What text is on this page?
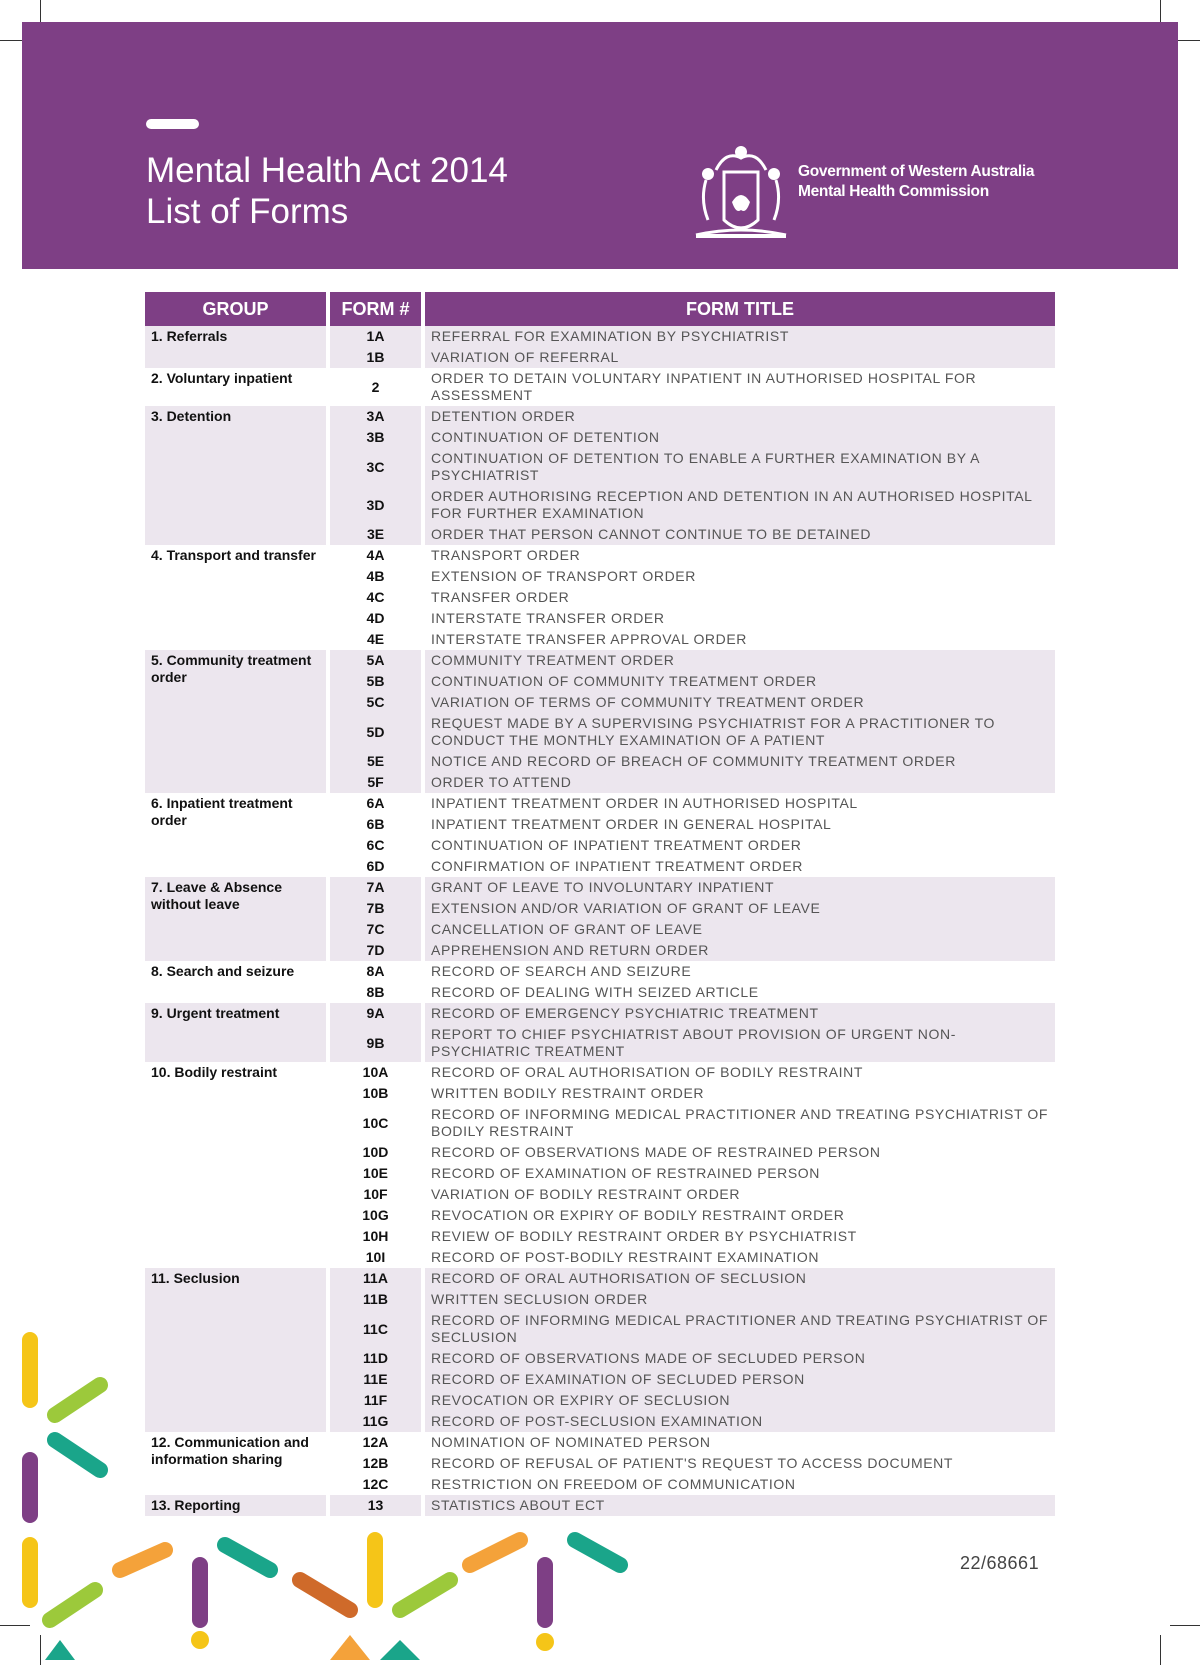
Mental Health Act 2014
List of Forms
Government of Western Australia
Mental Health Commission
GROUP	FORM #	FORM TITLE
1. Referrals	1A	REFERRAL FOR EXAMINATION BY PSYCHIATRIST
	1B	VARIATION OF REFERRAL
2. Voluntary inpatient	2	ORDER TO DETAIN VOLUNTARY INPATIENT IN AUTHORISED HOSPITAL FOR ASSESSMENT
3. Detention	3A	DETENTION ORDER
	3B	CONTINUATION OF DETENTION
	3C	CONTINUATION OF DETENTION TO ENABLE A FURTHER EXAMINATION BY A PSYCHIATRIST
	3D	ORDER AUTHORISING RECEPTION AND DETENTION IN AN AUTHORISED HOSPITAL FOR FURTHER EXAMINATION
	3E	ORDER THAT PERSON CANNOT CONTINUE TO BE DETAINED
4. Transport and transfer	4A	TRANSPORT ORDER
	4B	EXTENSION OF TRANSPORT ORDER
	4C	TRANSFER ORDER
	4D	INTERSTATE TRANSFER ORDER
	4E	INTERSTATE TRANSFER APPROVAL ORDER
5. Community treatment order	5A	COMMUNITY TREATMENT ORDER
	5B	CONTINUATION OF COMMUNITY TREATMENT ORDER
	5C	VARIATION OF TERMS OF COMMUNITY TREATMENT ORDER
	5D	REQUEST MADE BY A SUPERVISING PSYCHIATRIST FOR A PRACTITIONER TO CONDUCT THE MONTHLY EXAMINATION OF A PATIENT
	5E	NOTICE AND RECORD OF BREACH OF COMMUNITY TREATMENT ORDER
	5F	ORDER TO ATTEND
6. Inpatient treatment order	6A	INPATIENT TREATMENT ORDER IN AUTHORISED HOSPITAL
	6B	INPATIENT TREATMENT ORDER IN GENERAL HOSPITAL
	6C	CONTINUATION OF INPATIENT TREATMENT ORDER
	6D	CONFIRMATION OF INPATIENT TREATMENT ORDER
7. Leave & Absence without leave	7A	GRANT OF LEAVE TO INVOLUNTARY INPATIENT
	7B	EXTENSION AND/OR VARIATION OF GRANT OF LEAVE
	7C	CANCELLATION OF GRANT OF LEAVE
	7D	APPREHENSION AND RETURN ORDER
8. Search and seizure	8A	RECORD OF SEARCH AND SEIZURE
	8B	RECORD OF DEALING WITH SEIZED ARTICLE
9. Urgent treatment	9A	RECORD OF EMERGENCY PSYCHIATRIC TREATMENT
	9B	REPORT TO CHIEF PSYCHIATRIST ABOUT PROVISION OF URGENT NON-PSYCHIATRIC TREATMENT
10. Bodily restraint	10A	RECORD OF ORAL AUTHORISATION OF BODILY RESTRAINT
	10B	WRITTEN BODILY RESTRAINT ORDER
	10C	RECORD OF INFORMING MEDICAL PRACTITIONER AND TREATING PSYCHIATRIST OF BODILY RESTRAINT
	10D	RECORD OF OBSERVATIONS MADE OF RESTRAINED PERSON
	10E	RECORD OF EXAMINATION OF RESTRAINED PERSON
	10F	VARIATION OF BODILY RESTRAINT ORDER
	10G	REVOCATION OR EXPIRY OF BODILY RESTRAINT ORDER
	10H	REVIEW OF BODILY RESTRAINT ORDER BY PSYCHIATRIST
	10I	RECORD OF POST-BODILY RESTRAINT EXAMINATION
11. Seclusion	11A	RECORD OF ORAL AUTHORISATION OF SECLUSION
	11B	WRITTEN SECLUSION ORDER
	11C	RECORD OF INFORMING MEDICAL PRACTITIONER AND TREATING PSYCHIATRIST OF SECLUSION
	11D	RECORD OF OBSERVATIONS MADE OF SECLUDED PERSON
	11E	RECORD OF EXAMINATION OF SECLUDED PERSON
	11F	REVOCATION OR EXPIRY OF SECLUSION
	11G	RECORD OF POST-SECLUSION EXAMINATION
12. Communication and information sharing	12A	NOMINATION OF NOMINATED PERSON
	12B	RECORD OF REFUSAL OF PATIENT'S REQUEST TO ACCESS DOCUMENT
	12C	RESTRICTION ON FREEDOM OF COMMUNICATION
13. Reporting	13	STATISTICS ABOUT ECT
22/68661
